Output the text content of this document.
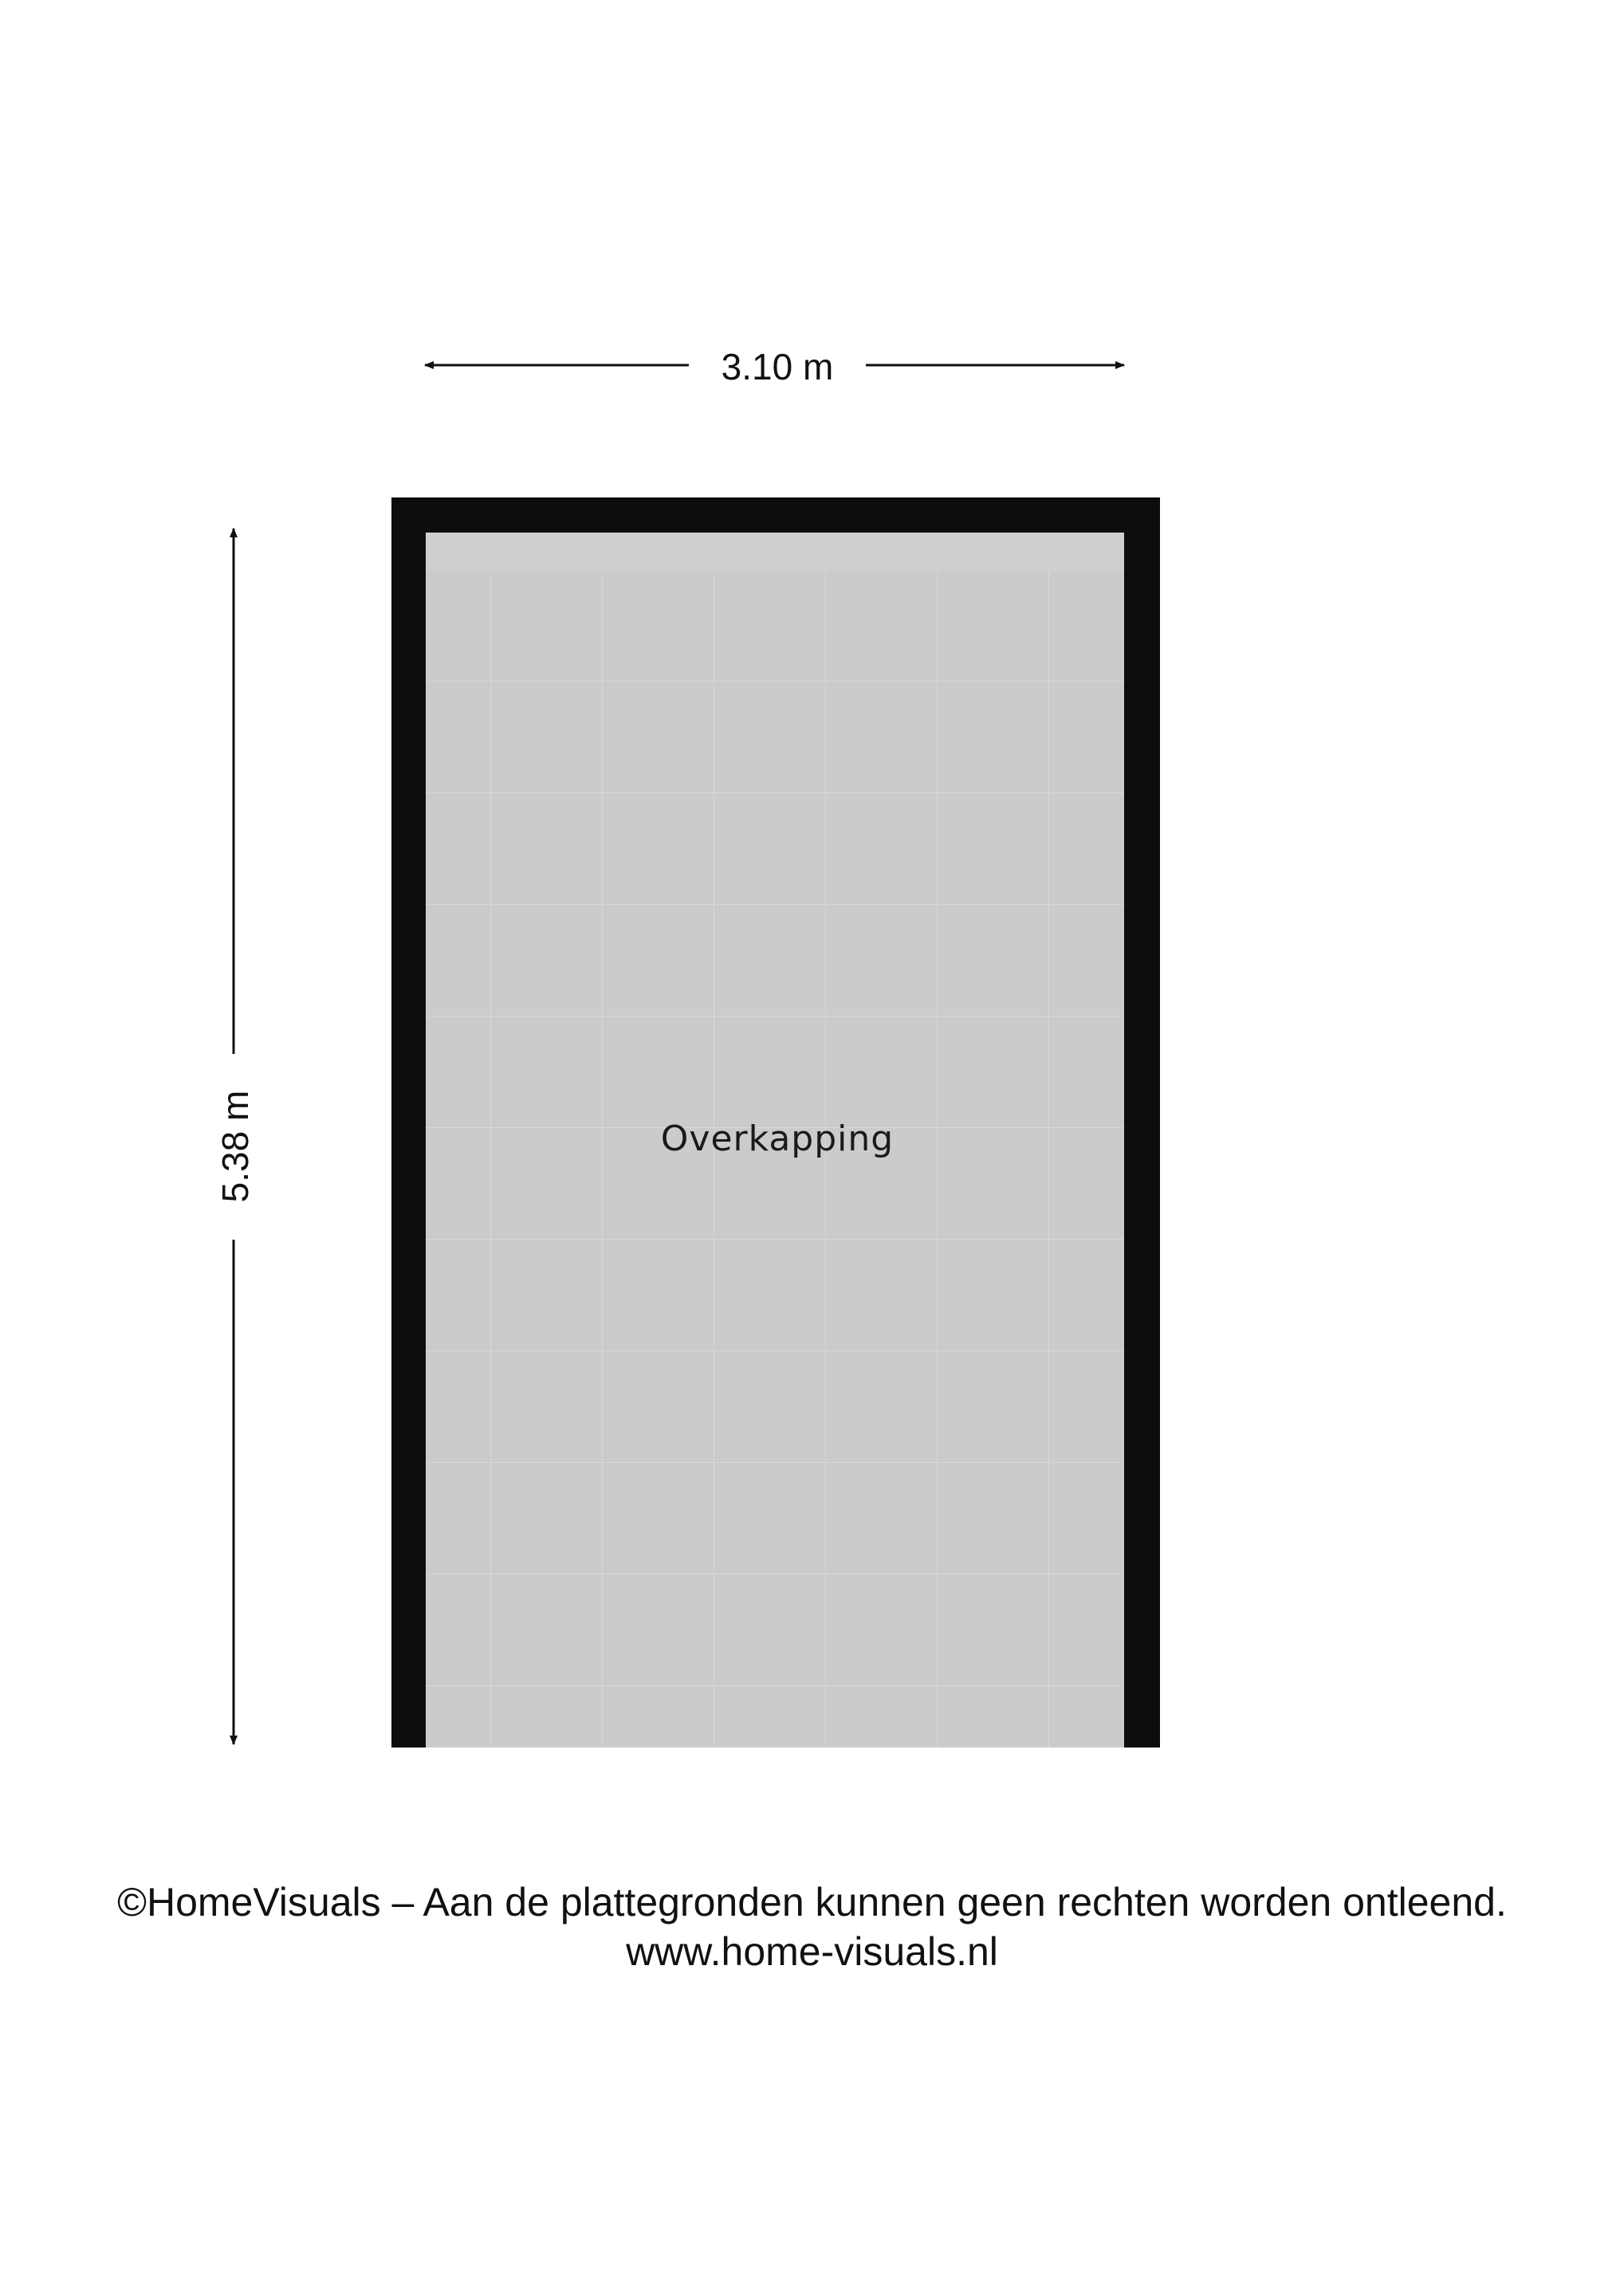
3.10 m
5.38 m	Overkapping
©HomeVisuals – Aan de plattegronden kunnen geen rechten worden ontleend.
www.home-visuals.nl
